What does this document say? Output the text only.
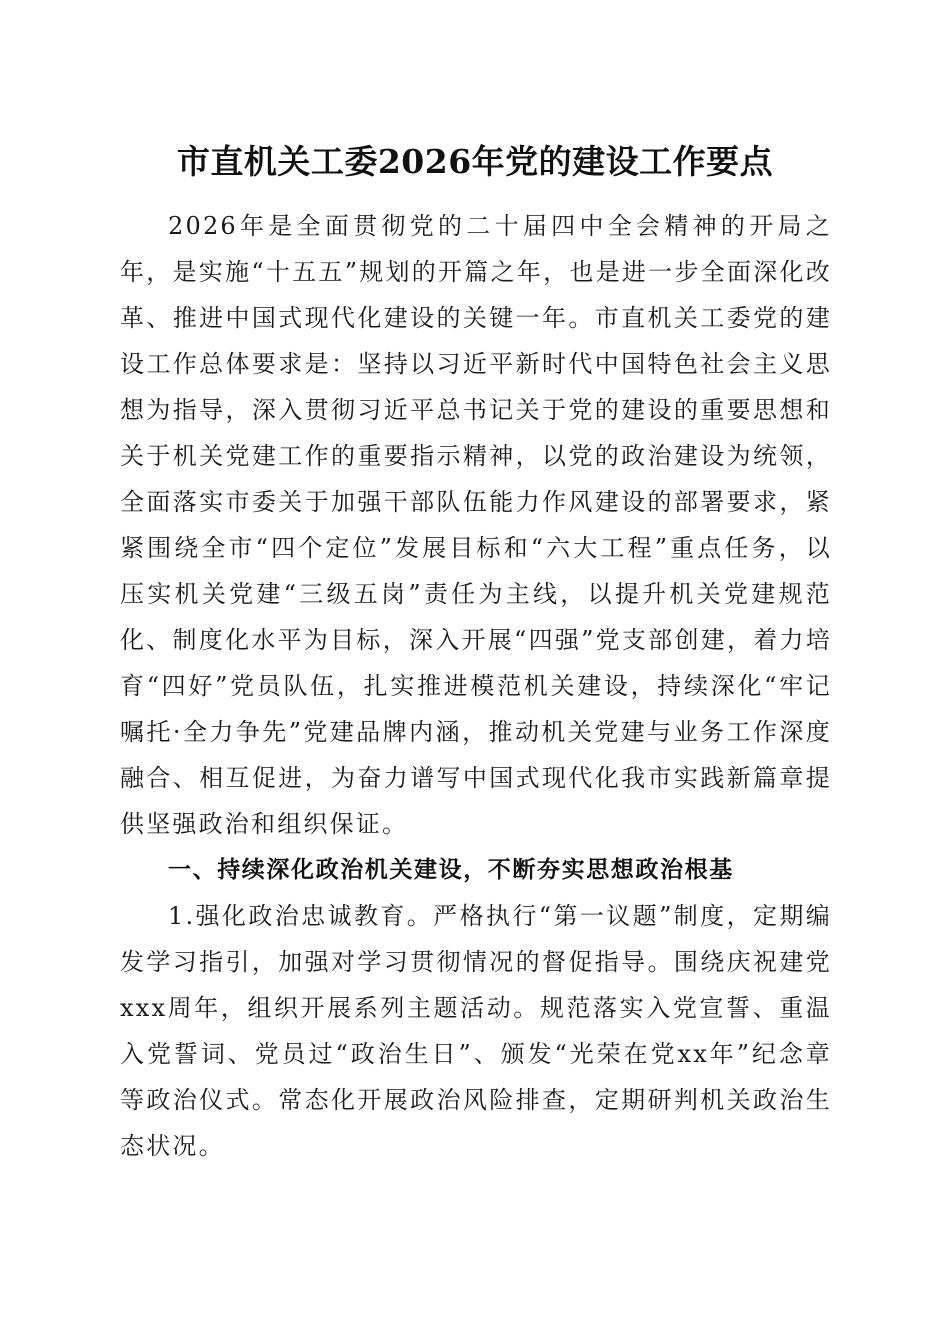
市直机关工委2026年党的建设工作要点

2026年是全面贯彻党的二十届四中全会精神的开局之年，是实施“十五五”规划的开篇之年，也是进一步全面深化改革、推进中国式现代化建设的关键一年。市直机关工委党的建设工作总体要求是：坚持以习近平新时代中国特色社会主义思想为指导，深入贯彻习近平总书记关于党的建设的重要思想和关于机关党建工作的重要指示精神，以党的政治建设为统领，全面落实市委关于加强干部队伍能力作风建设的部署要求，紧紧围绕全市“四个定位”发展目标和“六大工程”重点任务，以压实机关党建“三级五岗”责任为主线，以提升机关党建规范化、制度化水平为目标，深入开展“四强”党支部创建，着力培育“四好”党员队伍，扎实推进模范机关建设，持续深化“牢记嘱托·全力争先”党建品牌内涵，推动机关党建与业务工作深度融合、相互促进，为奋力谱写中国式现代化我市实践新篇章提供坚强政治和组织保证。

一、持续深化政治机关建设，不断夯实思想政治根基

1.强化政治忠诚教育。严格执行“第一议题”制度，定期编发学习指引，加强对学习贯彻情况的督促指导。围绕庆祝建党xxx周年，组织开展系列主题活动。规范落实入党宣誓、重温入党誓词、党员过“政治生日”、颁发“光荣在党xx年”纪念章等政治仪式。常态化开展政治风险排查，定期研判机关政治生态状况。
